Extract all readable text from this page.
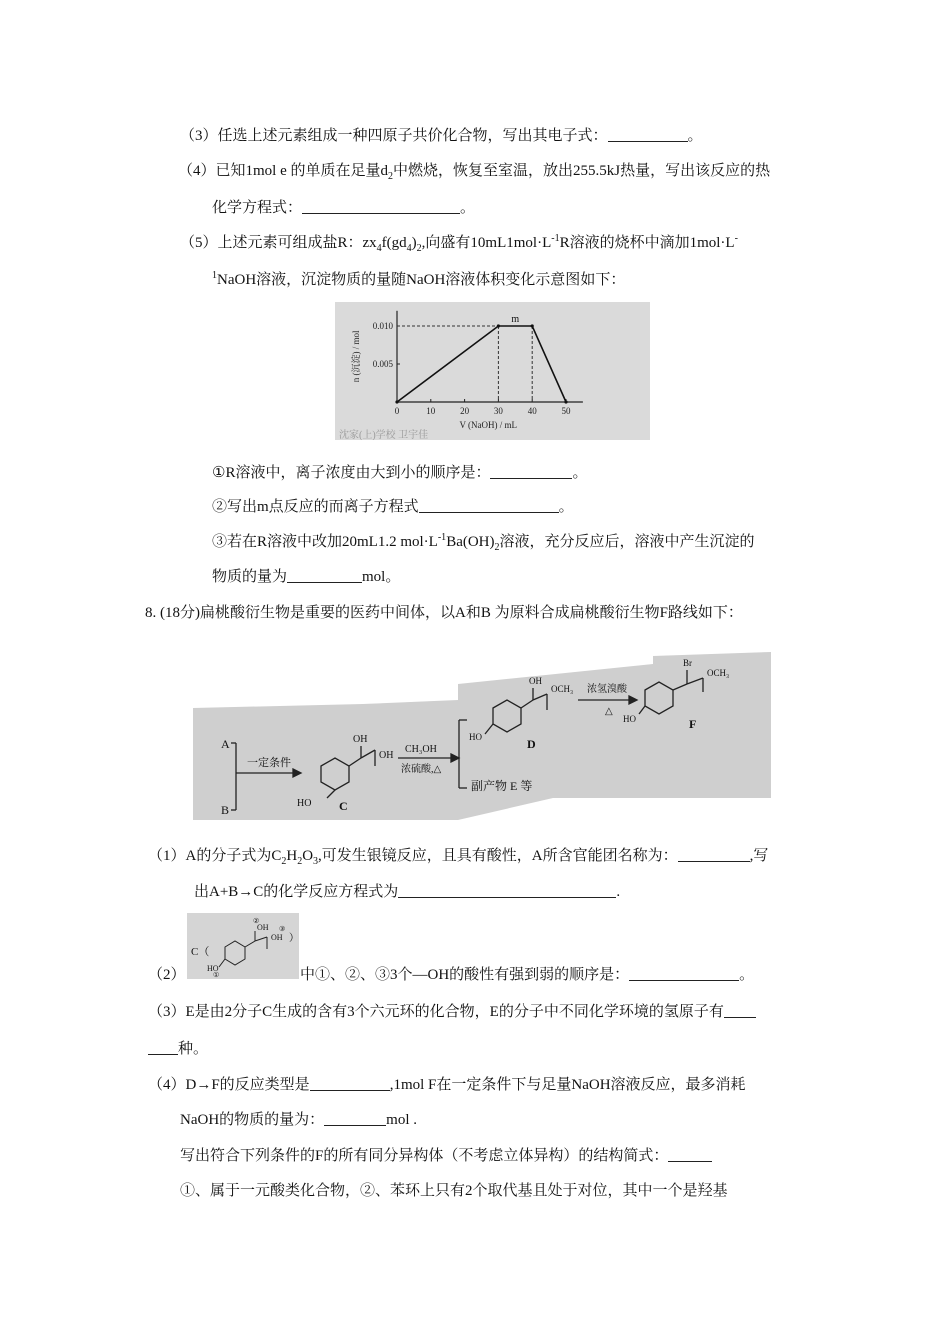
（3）任选上述元素组成一种四原子共价化合物，写出其电子式：	。
（4）已知1mol e 的单质在足量$d_2$中燃烧，恢复至室温，放出255.5kJ热量，写出该反应的热
化学方程式：	。
（5）上述元素可组成盐R：$zx_4f(gd_4)_2$,向盛有$10mL1mol\cdot L^{-1}R$溶液的烧杯中滴加1mol·L-
$^1$NaOH溶液，沉淀物质的量随NaOH溶液体积变化示意图如下：
0	10	20	30	40	50
0.005
0.010
V (NaOH) / mL
n (沉淀) / mol
m
沈家(上)学校 卫宇佳
①R溶液中，离子浓度由大到小的顺序是：	。
②写出m点反应的而离子方程式	。
③若在R溶液中改加20mL1.2 $mol\cdot L^{-1}Ba(OH)_2$溶液，充分反应后，溶液中产生沉淀的
物质的量为	mol。
8. (18分)扁桃酸衍生物是重要的医药中间体，以A和B 为原料合成扁桃酸衍生物F路线如下：
A
B
一定条件
OH
OH
HO C
CH₃OH
浓硫酸,△
OH
OCH₃
HO	D
副产物 E 等
浓氢溴酸
△
Br
OCH₃
HO	F
（1）A的分子式为$C_2H_2O_3$,可发生银镜反应，且具有酸性，A所含官能团名称为：	,写
出A+B→C的化学反应方程式为	.
C（
②
OH ③
OH ）
HO
①
（2）	中①、②、③3个—OH的酸性有强到弱的顺序是：	。
（3）E是由2分子C生成的含有3个六元环的化合物，E的分子中不同化学环境的氢原子有
种。
（4）D→F的反应类型是	,1mol F在一定条件下与足量NaOH溶液反应，最多消耗
NaOH的物质的量为：	mol .
写出符合下列条件的F的所有同分异构体（不考虑立体异构）的结构简式：
①、属于一元酸类化合物，②、苯环上只有2个取代基且处于对位，其中一个是羟基
